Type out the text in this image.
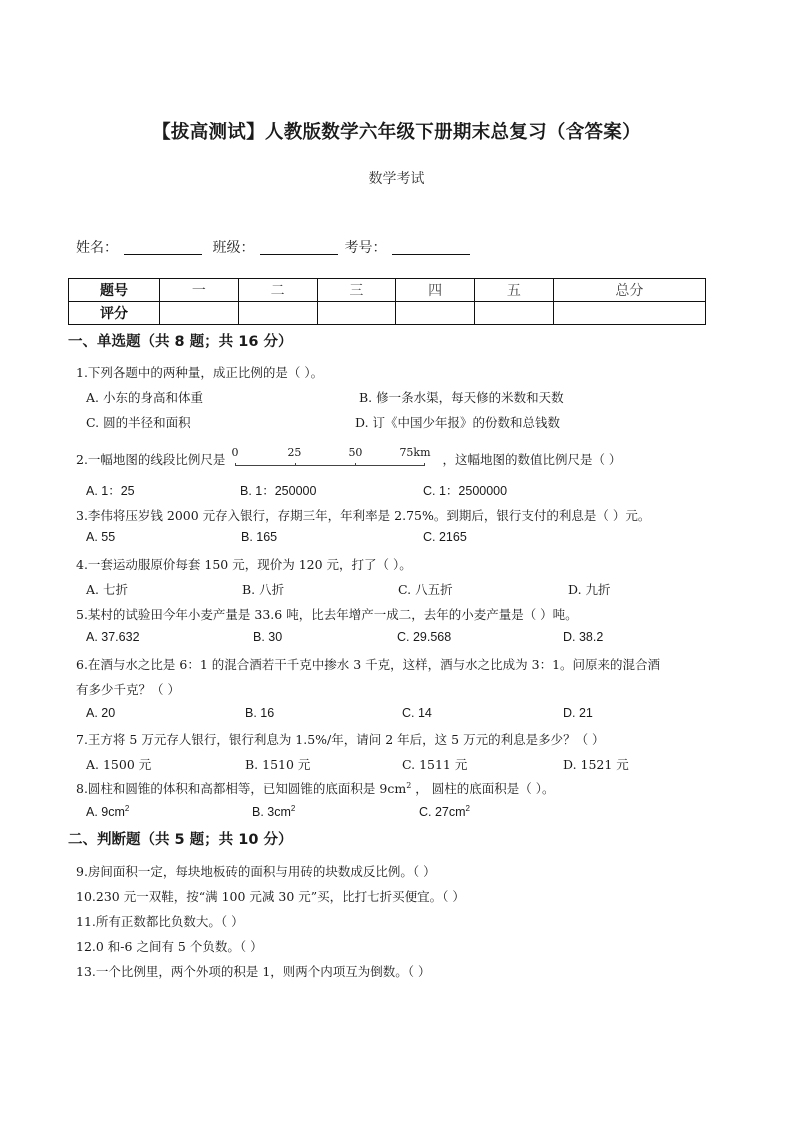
【拔高测试】人教版数学六年级下册期末总复习（含答案）
数学考试
姓名：	班级：	考号：
题号	一	二	三	四	五	总分
评分						
一、单选题（共 8 题；共 16 分）
1.下列各题中的两种量，成正比例的是（ ）。
A. 小东的身高和体重	B. 修一条水渠，每天修的米数和天数
C. 圆的半径和面积	D. 订《中国少年报》的份数和总钱数
2.一幅地图的线段比例尺是 0	25	50	75km ，这幅地图的数值比例尺是（ ）
A. 1：25	B. 1：250000	C. 1：2500000
3.李伟将压岁钱 2000 元存入银行，存期三年，年利率是 2.75%。到期后，银行支付的利息是（ ）元。
A. 55	B. 165	C. 2165
4.一套运动服原价每套 150 元，现价为 120 元，打了（ ）。
A. 七折	B. 八折	C. 八五折	D. 九折
5.某村的试验田今年小麦产量是 33.6 吨，比去年增产一成二，去年的小麦产量是（ ）吨。
A. 37.632	B. 30	C. 29.568	D. 38.2
6.在酒与水之比是 6：1 的混合酒若干千克中掺水 3 千克，这样，酒与水之比成为 3：1。问原来的混合酒
有多少千克？（ ）
A. 20	B. 16	C. 14	D. 21
7.王方将 5 万元存人银行，银行利息为 1.5%/年，请问 2 年后，这 5 万元的利息是多少？（ ）
A. 1500 元	B. 1510 元	C. 1511 元	D. 1521 元
8.圆柱和圆锥的体积和高都相等，已知圆锥的底面积是 $9cm^2$ ， 圆柱的底面积是（ ）。
A. $9cm^2$	B. $3cm^2$	C. $27cm^2$
二、判断题（共 5 题；共 10 分）
9.房间面积一定，每块地板砖的面积与用砖的块数成反比例。（ ）
10.230 元一双鞋，按“满 100 元减 30 元”买，比打七折买便宜。（ ）
11.所有正数都比负数大。（ ）
12.0 和-6 之间有 5 个负数。（ ）
13.一个比例里，两个外项的积是 1，则两个内项互为倒数。（ ）
